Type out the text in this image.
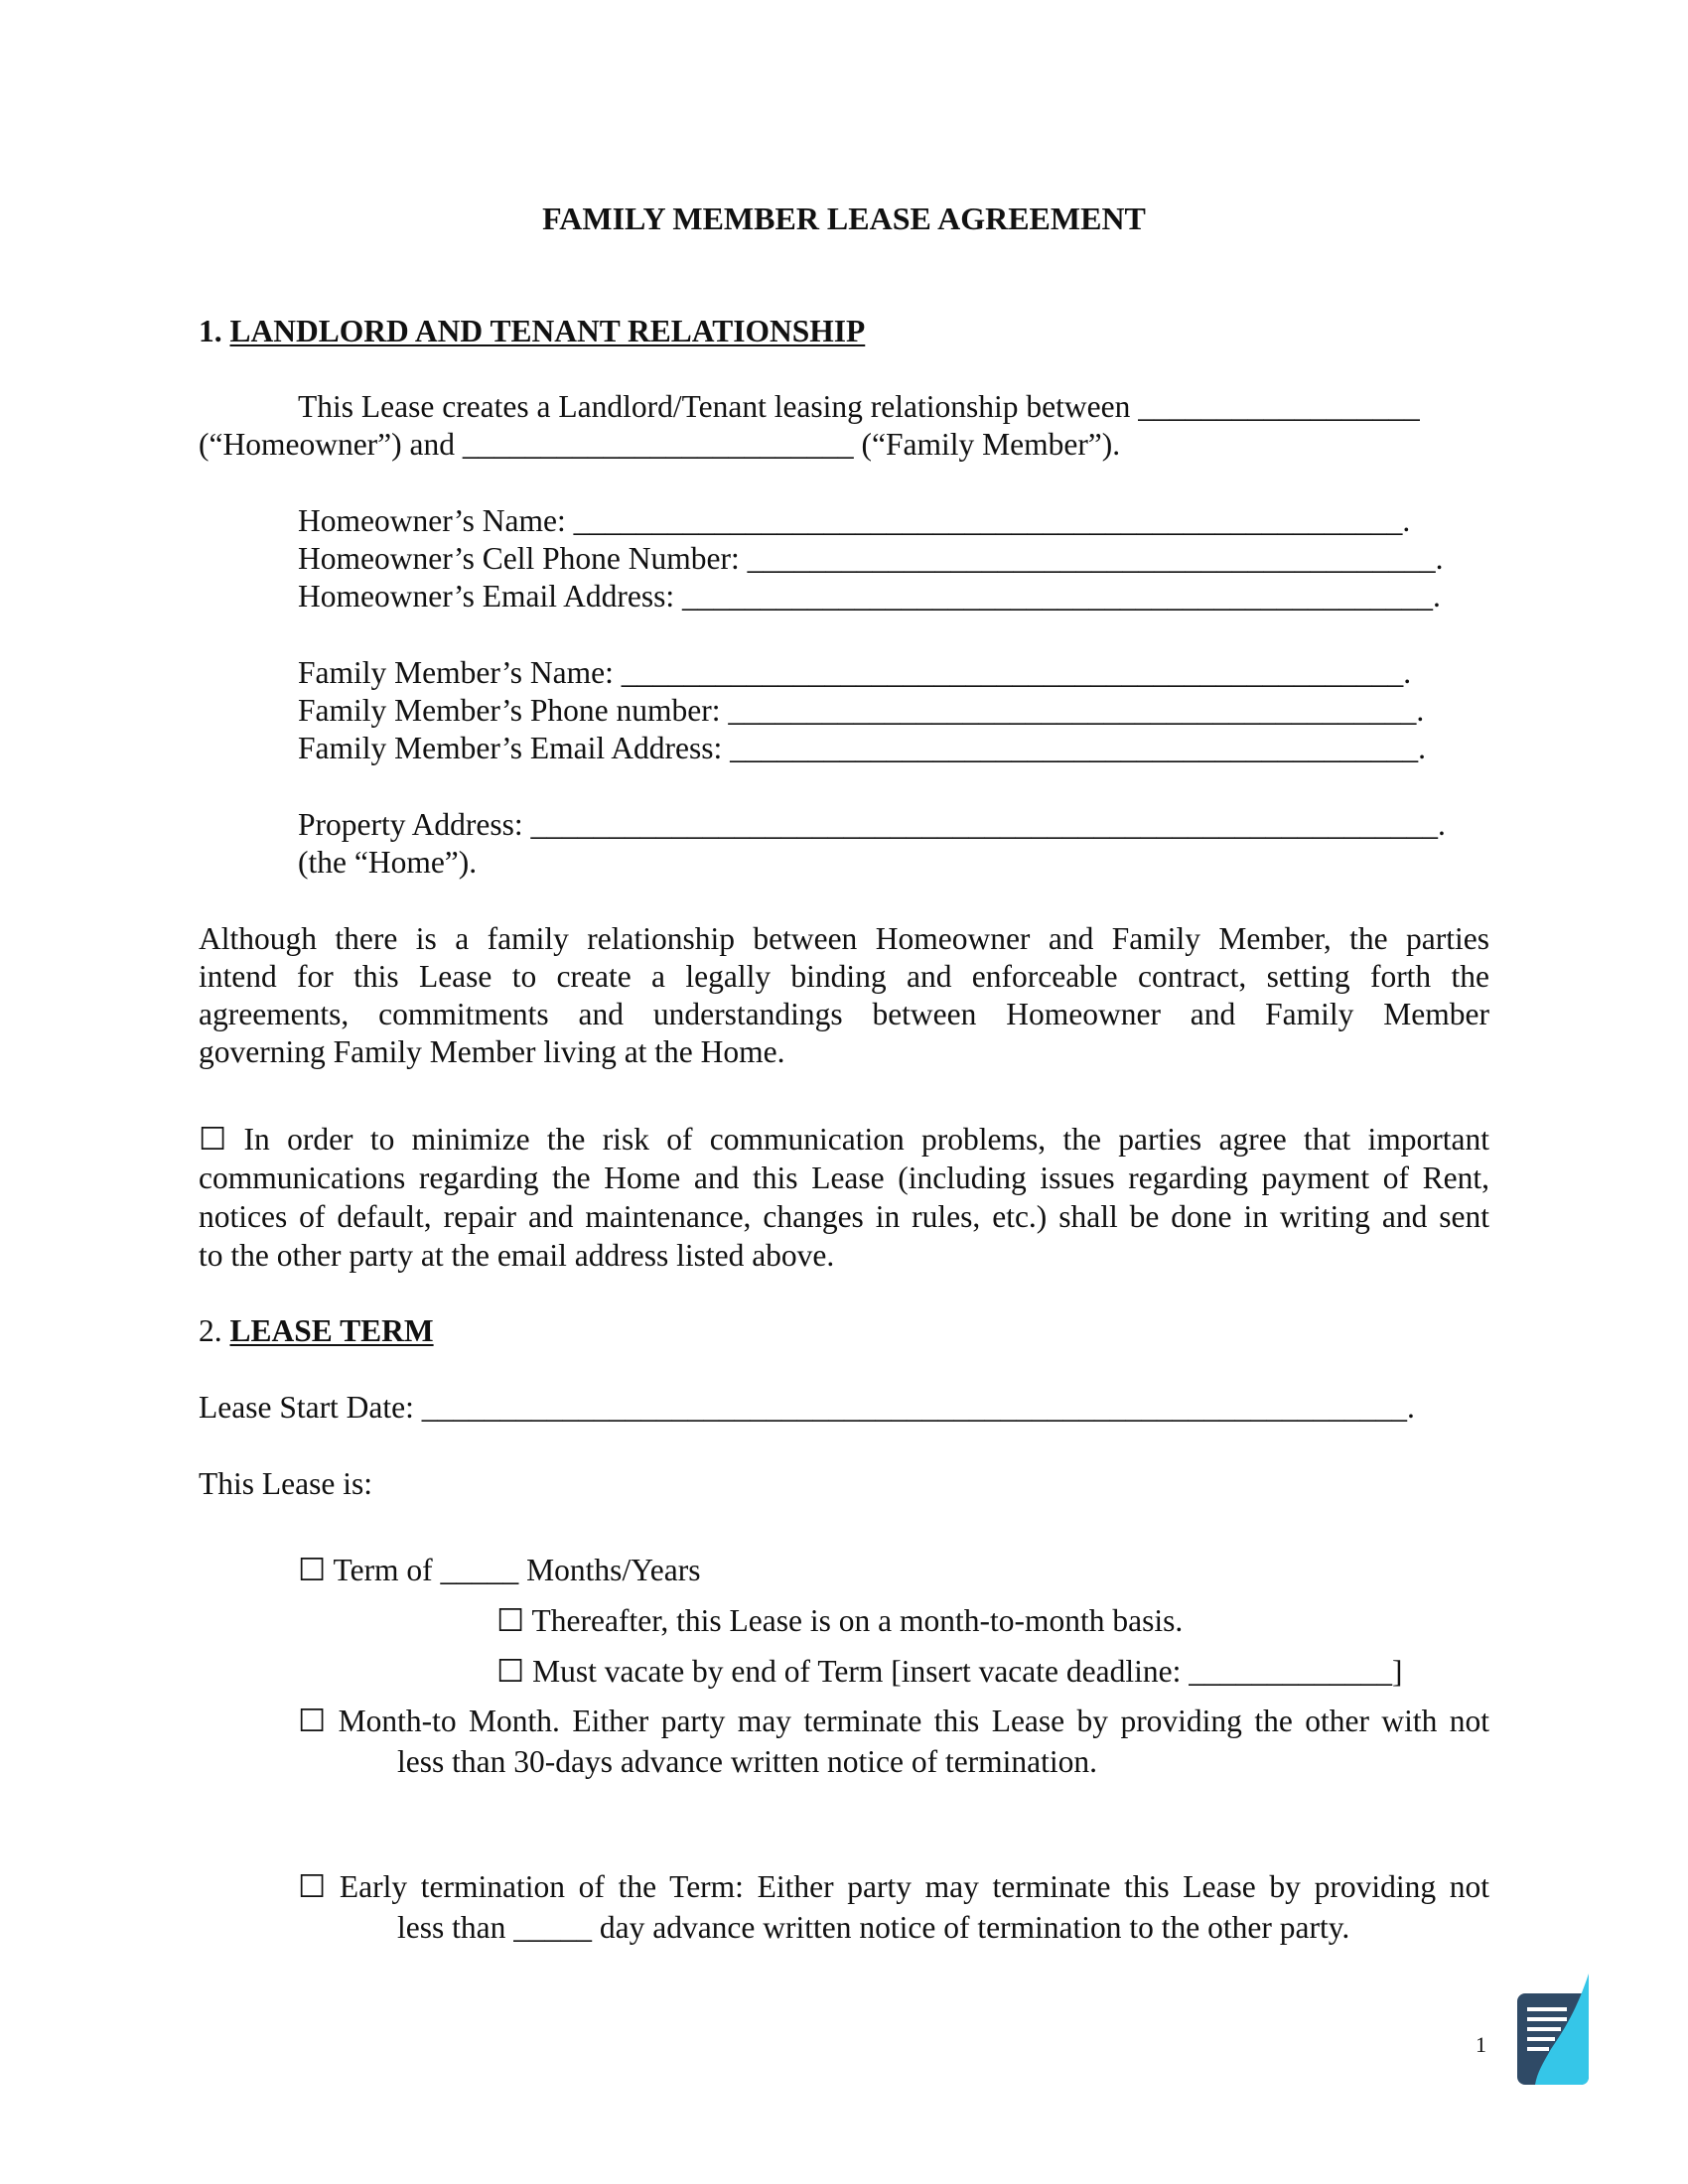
FAMILY MEMBER LEASE AGREEMENT
1. LANDLORD AND TENANT RELATIONSHIP
This Lease creates a Landlord/Tenant leasing relationship between __________________
(“Homeowner”) and _________________________ (“Family Member”).
Homeowner’s Name: _____________________________________________________.
Homeowner’s Cell Phone Number: ____________________________________________.
Homeowner’s Email Address: ________________________________________________.
Family Member’s Name: __________________________________________________.
Family Member’s Phone number: ____________________________________________.
Family Member’s Email Address: ____________________________________________.
Property Address: __________________________________________________________.
(the “Home”).
Although there is a family relationship between Homeowner and Family Member, the parties
intend for this Lease to create a legally binding and enforceable contract, setting forth the
agreements, commitments and understandings between Homeowner and Family Member
governing Family Member living at the Home.
☐ In order to minimize the risk of communication problems, the parties agree that important
communications regarding the Home and this Lease (including issues regarding payment of Rent,
notices of default, repair and maintenance, changes in rules, etc.) shall be done in writing and sent
to the other party at the email address listed above.
2. LEASE TERM
Lease Start Date: _______________________________________________________________.
This Lease is:
☐ Term of _____ Months/Years
☐ Thereafter, this Lease is on a month-to-month basis.
☐ Must vacate by end of Term [insert vacate deadline: _____________]
☐ Month-to Month. Either party may terminate this Lease by providing the other with not
less than 30-days advance written notice of termination.
☐ Early termination of the Term: Either party may terminate this Lease by providing not
less than _____ day advance written notice of termination to the other party.
1
